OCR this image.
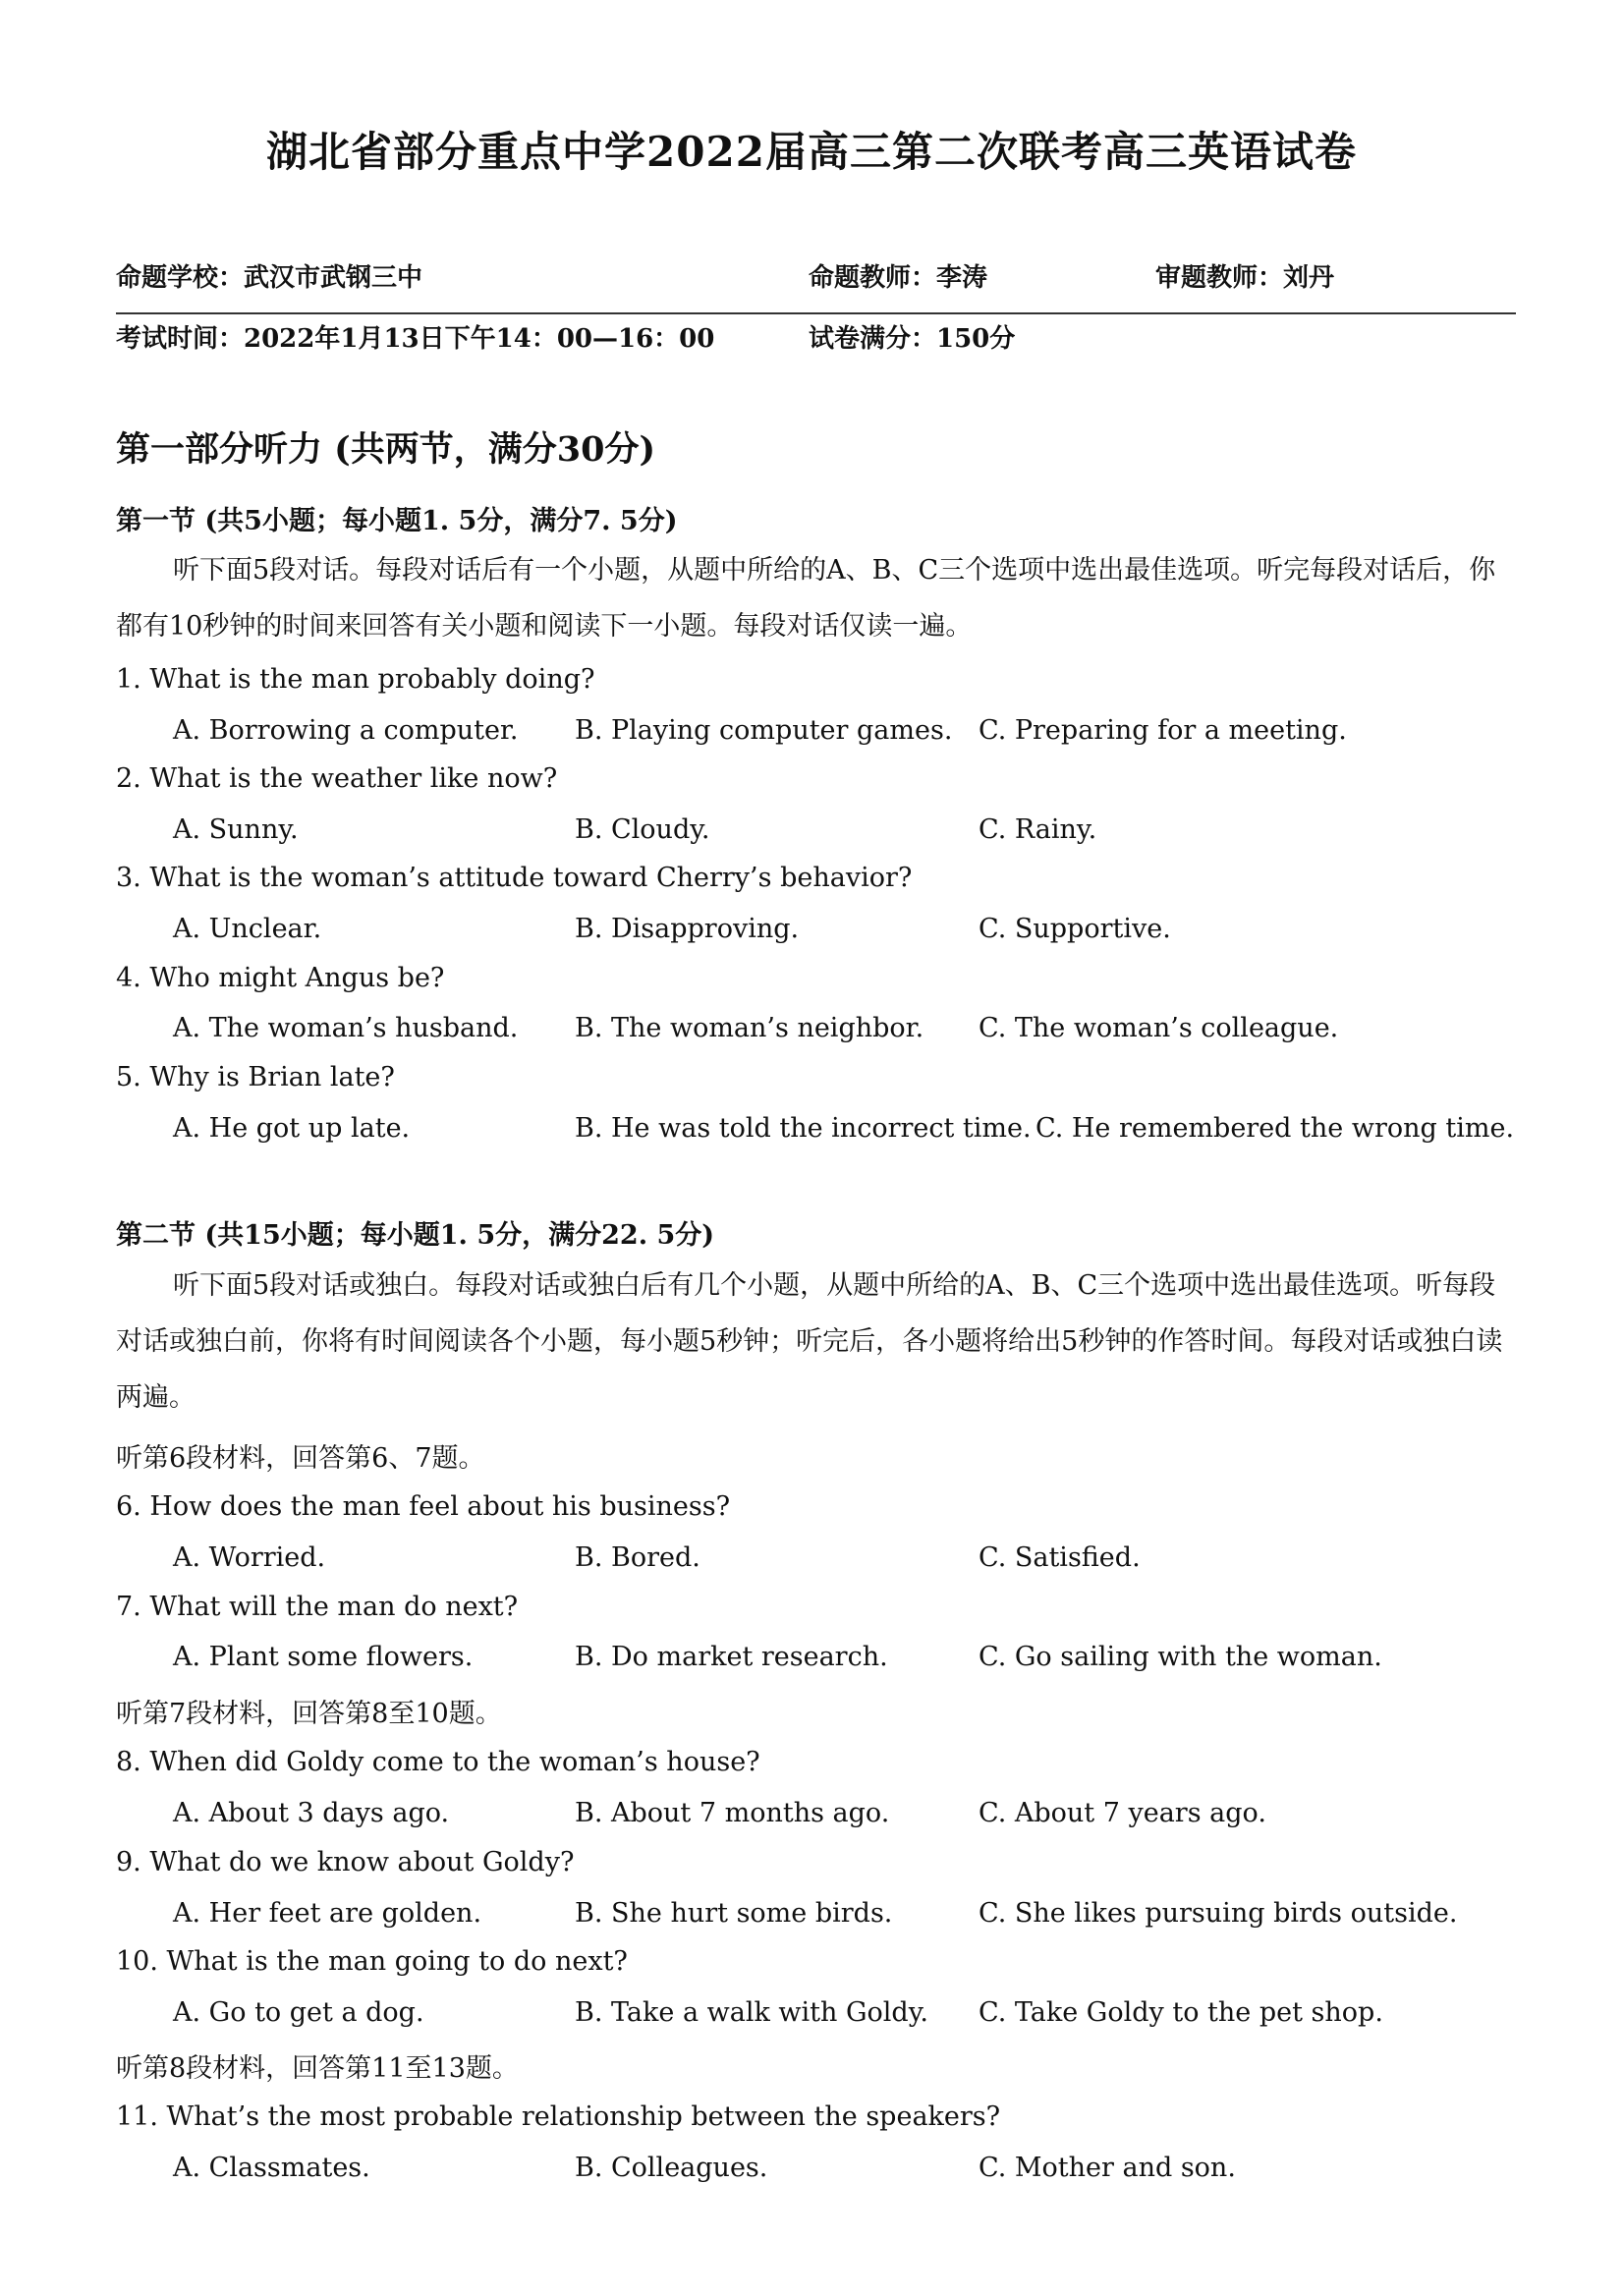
湖北省部分重点中学2022届高三第二次联考高三英语试卷
命题学校：武汉市武钢三中	命题教师：李涛	审题教师：刘丹
考试时间：2022年1月13日下午14：00—16：00	试卷满分：150分
第一部分听力 (共两节，满分30分)
第一节 (共5小题；每小题1. 5分，满分7. 5分)
听下面5段对话。每段对话后有一个小题，从题中所给的A、B、C三个选项中选出最佳选项。听完每段对话后，你都有10秒钟的时间来回答有关小题和阅读下一小题。每段对话仅读一遍。
1. What is the man probably doing?
A. Borrowing a computer. B. Playing computer games. C. Preparing for a meeting.
2. What is the weather like now?
A. Sunny.	B. Cloudy.	C. Rainy.
3. What is the woman’s attitude toward Cherry’s behavior?
A. Unclear.	B. Disapproving.	C. Supportive.
4. Who might Angus be?
A. The woman’s husband. B. The woman’s neighbor. C. The woman’s colleague.
5. Why is Brian late?
A. He got up late.	B. He was told the incorrect time. C. He remembered the wrong time.
第二节 (共15小题；每小题1. 5分，满分22. 5分)
听下面5段对话或独白。每段对话或独白后有几个小题，从题中所给的A、B、C三个选项中选出最佳选项。听每段对话或独白前，你将有时间阅读各个小题，每小题5秒钟；听完后，各小题将给出5秒钟的作答时间。每段对话或独白读两遍。
听第6段材料，回答第6、7题。
6. How does the man feel about his business?
A. Worried.	B. Bored.	C. Satisfied.
7. What will the man do next?
A. Plant some flowers.	B. Do market research.	C. Go sailing with the woman.
听第7段材料，回答第8至10题。
8. When did Goldy come to the woman’s house?
A. About 3 days ago.	B. About 7 months ago.	C. About 7 years ago.
9. What do we know about Goldy?
A. Her feet are golden.	B. She hurt some birds.	C. She likes pursuing birds outside.
10. What is the man going to do next?
A. Go to get a dog.	B. Take a walk with Goldy. C. Take Goldy to the pet shop.
听第8段材料，回答第11至13题。
11. What’s the most probable relationship between the speakers?
A. Classmates.	B. Colleagues.	C. Mother and son.
